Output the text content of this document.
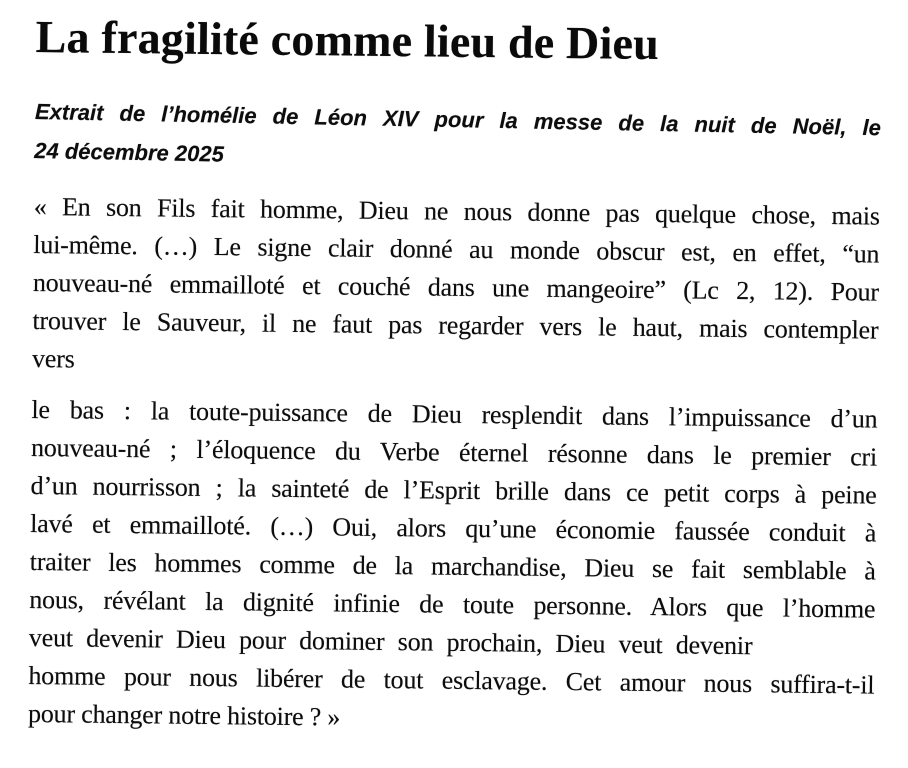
La fragilité comme lieu de Dieu
Extrait de l’homélie de Léon XIV pour la messe de la nuit de Noël, le
24 décembre 2025
« En son Fils fait homme, Dieu ne nous donne pas quelque chose, mais
lui-même. (…) Le signe clair donné au monde obscur est, en effet, “un
nouveau-né emmailloté et couché dans une mangeoire” (Lc 2, 12). Pour
trouver le Sauveur, il ne faut pas regarder vers le haut, mais contempler
vers
le bas : la toute-puissance de Dieu resplendit dans l’impuissance d’un
nouveau-né ; l’éloquence du Verbe éternel résonne dans le premier cri
d’un nourrisson ; la sainteté de l’Esprit brille dans ce petit corps à peine
lavé et emmailloté. (…) Oui, alors qu’une économie faussée conduit à
traiter les hommes comme de la marchandise, Dieu se fait semblable à
nous, révélant la dignité infinie de toute personne. Alors que l’homme
veut devenir Dieu pour dominer son prochain, Dieu veut devenir
homme pour nous libérer de tout esclavage. Cet amour nous suffira-t-il
pour changer notre histoire ? »
